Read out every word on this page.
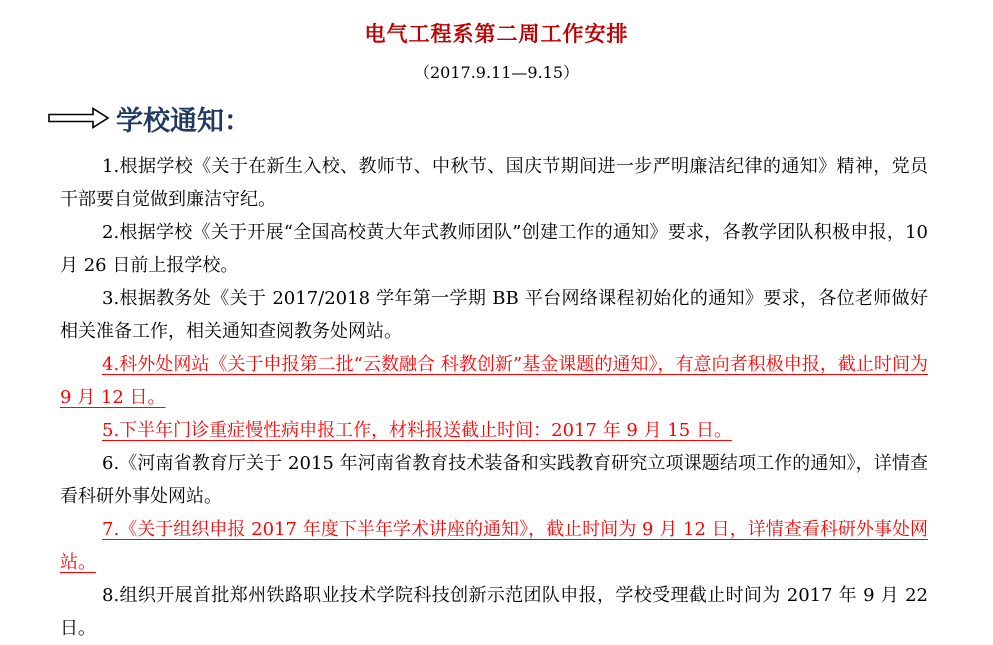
电气工程系第二周工作安排
（2017.9.11—9.15）
学校通知：

1.根据学校《关于在新生入校、教师节、中秋节、国庆节期间进一步严明廉洁纪律的通知》精神，党员干部要自觉做到廉洁守纪。

2.根据学校《关于开展“全国高校黄大年式教师团队”创建工作的通知》要求，各教学团队积极申报，10 月 26 日前上报学校。

3.根据教务处《关于 2017/2018 学年第一学期 BB 平台网络课程初始化的通知》要求，各位老师做好相关准备工作，相关通知查阅教务处网站。

4.科外处网站《关于申报第二批“云数融合 科教创新”基金课题的通知》，有意向者积极申报，截止时间为 9 月 12 日。

5.下半年门诊重症慢性病申报工作，材料报送截止时间：2017 年 9 月 15 日。

6.《河南省教育厅关于 2015 年河南省教育技术装备和实践教育研究立项课题结项工作的通知》，详情查看科研外事处网站。

7.《关于组织申报 2017 年度下半年学术讲座的通知》，截止时间为 9 月 12 日，详情查看科研外事处网站。

8.组织开展首批郑州铁路职业技术学院科技创新示范团队申报，学校受理截止时间为 2017 年 9 月 22 日。
